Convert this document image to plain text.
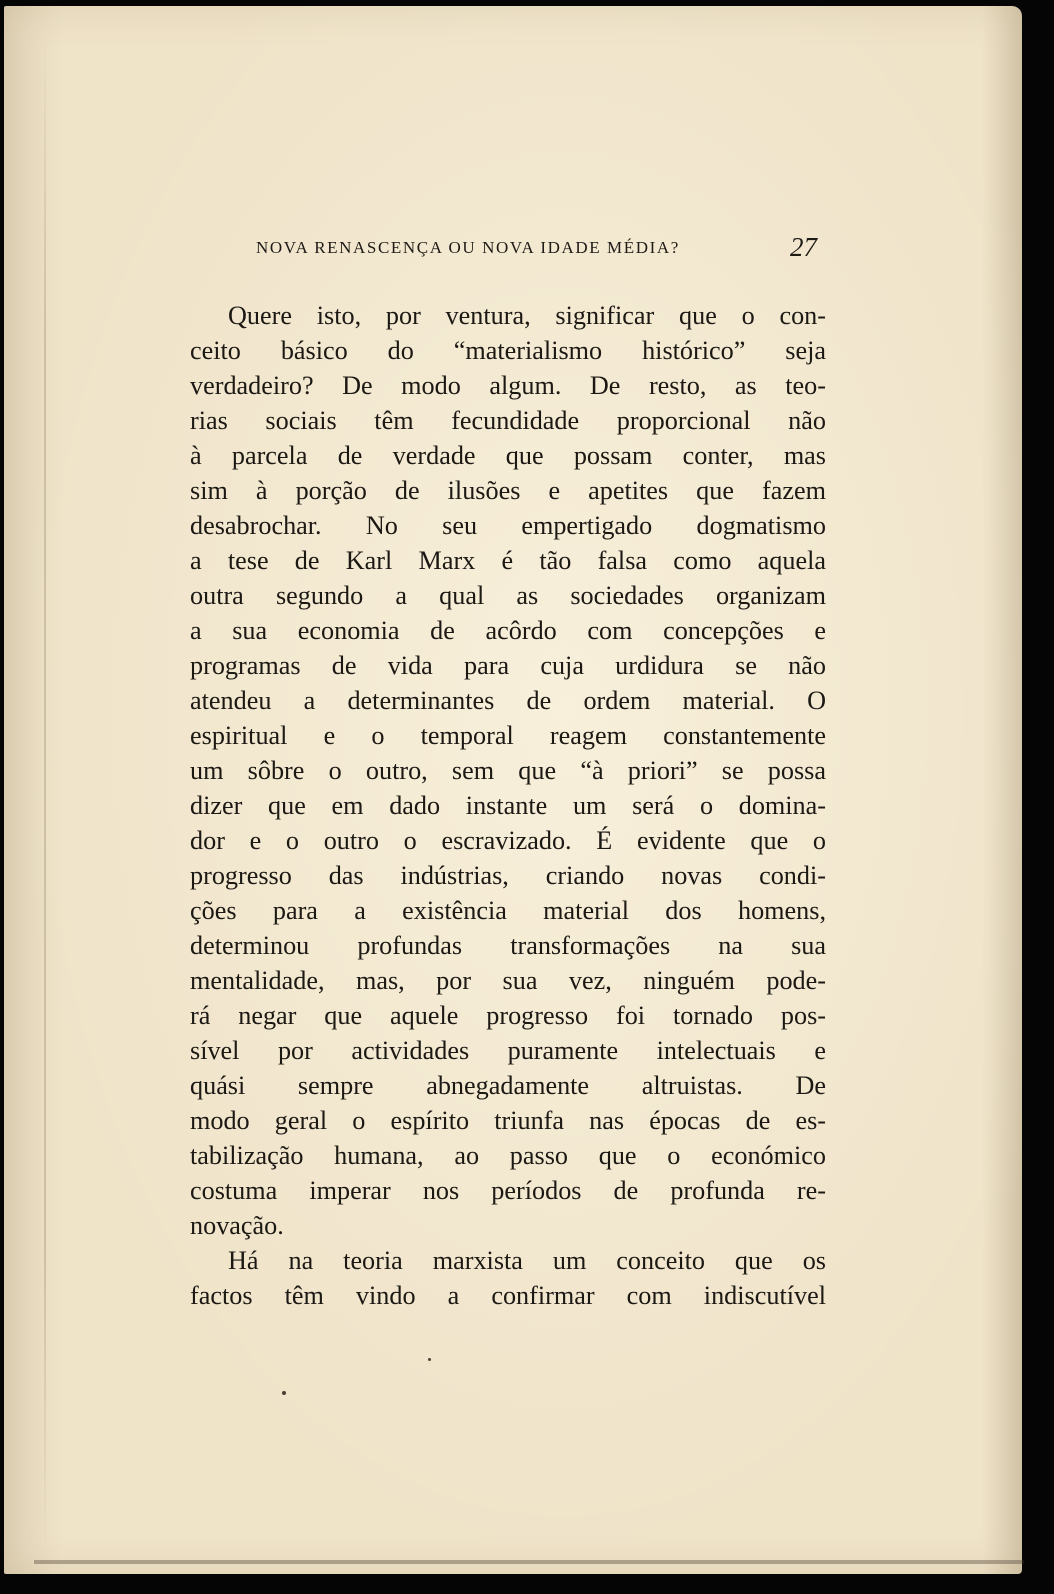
NOVA RENASCENÇA OU NOVA IDADE MÉDIA?	27
Quere isto, por ventura, significar que o con-
ceito básico do “materialismo histórico” seja
verdadeiro? De modo algum. De resto, as teo-
rias sociais têm fecundidade proporcional não
à parcela de verdade que possam conter, mas
sim à porção de ilusões e apetites que fazem
desabrochar. No seu empertigado dogmatismo
a tese de Karl Marx é tão falsa como aquela
outra segundo a qual as sociedades organizam
a sua economia de acôrdo com concepções e
programas de vida para cuja urdidura se não
atendeu a determinantes de ordem material. O
espiritual e o temporal reagem constantemente
um sôbre o outro, sem que “à priori” se possa
dizer que em dado instante um será o domina-
dor e o outro o escravizado. É evidente que o
progresso das indústrias, criando novas condi-
ções para a existência material dos homens,
determinou profundas transformações na sua
mentalidade, mas, por sua vez, ninguém pode-
rá negar que aquele progresso foi tornado pos-
sível por actividades puramente intelectuais e
quási sempre abnegadamente altruistas. De
modo geral o espírito triunfa nas épocas de es-
tabilização humana, ao passo que o económico
costuma imperar nos períodos de profunda re-
novação.
Há na teoria marxista um conceito que os
factos têm vindo a confirmar com indiscutível
